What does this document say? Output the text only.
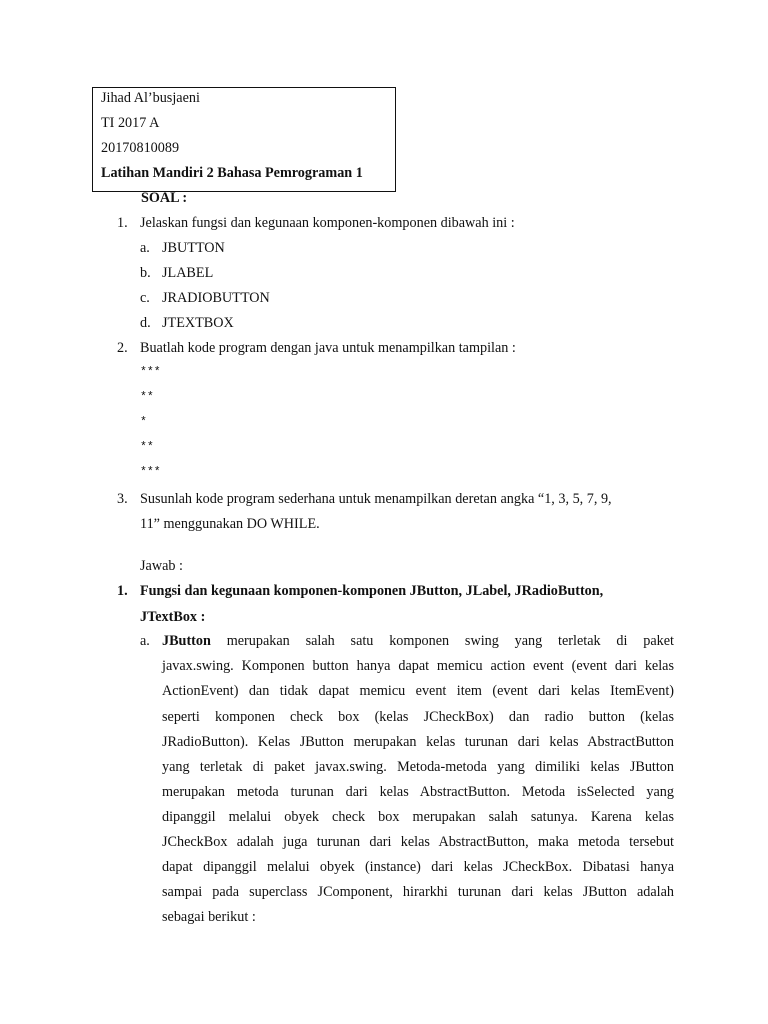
Jihad Al’busjaeni
TI 2017 A
20170810089
Latihan Mandiri 2 Bahasa Pemrograman 1
SOAL :
1. Jelaskan fungsi dan kegunaan komponen-komponen dibawah ini :
a. JBUTTON
b. JLABEL
c. JRADIOBUTTON
d. JTEXTBOX
2. Buatlah kode program dengan java untuk menampilkan tampilan :
***
**
*
**
***
3. Susunlah kode program sederhana untuk menampilkan deretan angka “1, 3, 5, 7, 9,
11” menggunakan DO WHILE.
Jawab :
1. Fungsi dan kegunaan komponen-komponen JButton, JLabel, JRadioButton,
JTextBox :
a. JButton merupakan salah satu komponen swing yang terletak di paket
javax.swing. Komponen button hanya dapat memicu action event (event dari kelas
ActionEvent) dan tidak dapat memicu event item (event dari kelas ItemEvent)
seperti komponen check box (kelas JCheckBox) dan radio button (kelas
JRadioButton). Kelas JButton merupakan kelas turunan dari kelas AbstractButton
yang terletak di paket javax.swing. Metoda-metoda yang dimiliki kelas JButton
merupakan metoda turunan dari kelas AbstractButton. Metoda isSelected yang
dipanggil melalui obyek check box merupakan salah satunya. Karena kelas
JCheckBox adalah juga turunan dari kelas AbstractButton, maka metoda tersebut
dapat dipanggil melalui obyek (instance) dari kelas JCheckBox. Dibatasi hanya
sampai pada superclass JComponent, hirarkhi turunan dari kelas JButton adalah
sebagai berikut :
